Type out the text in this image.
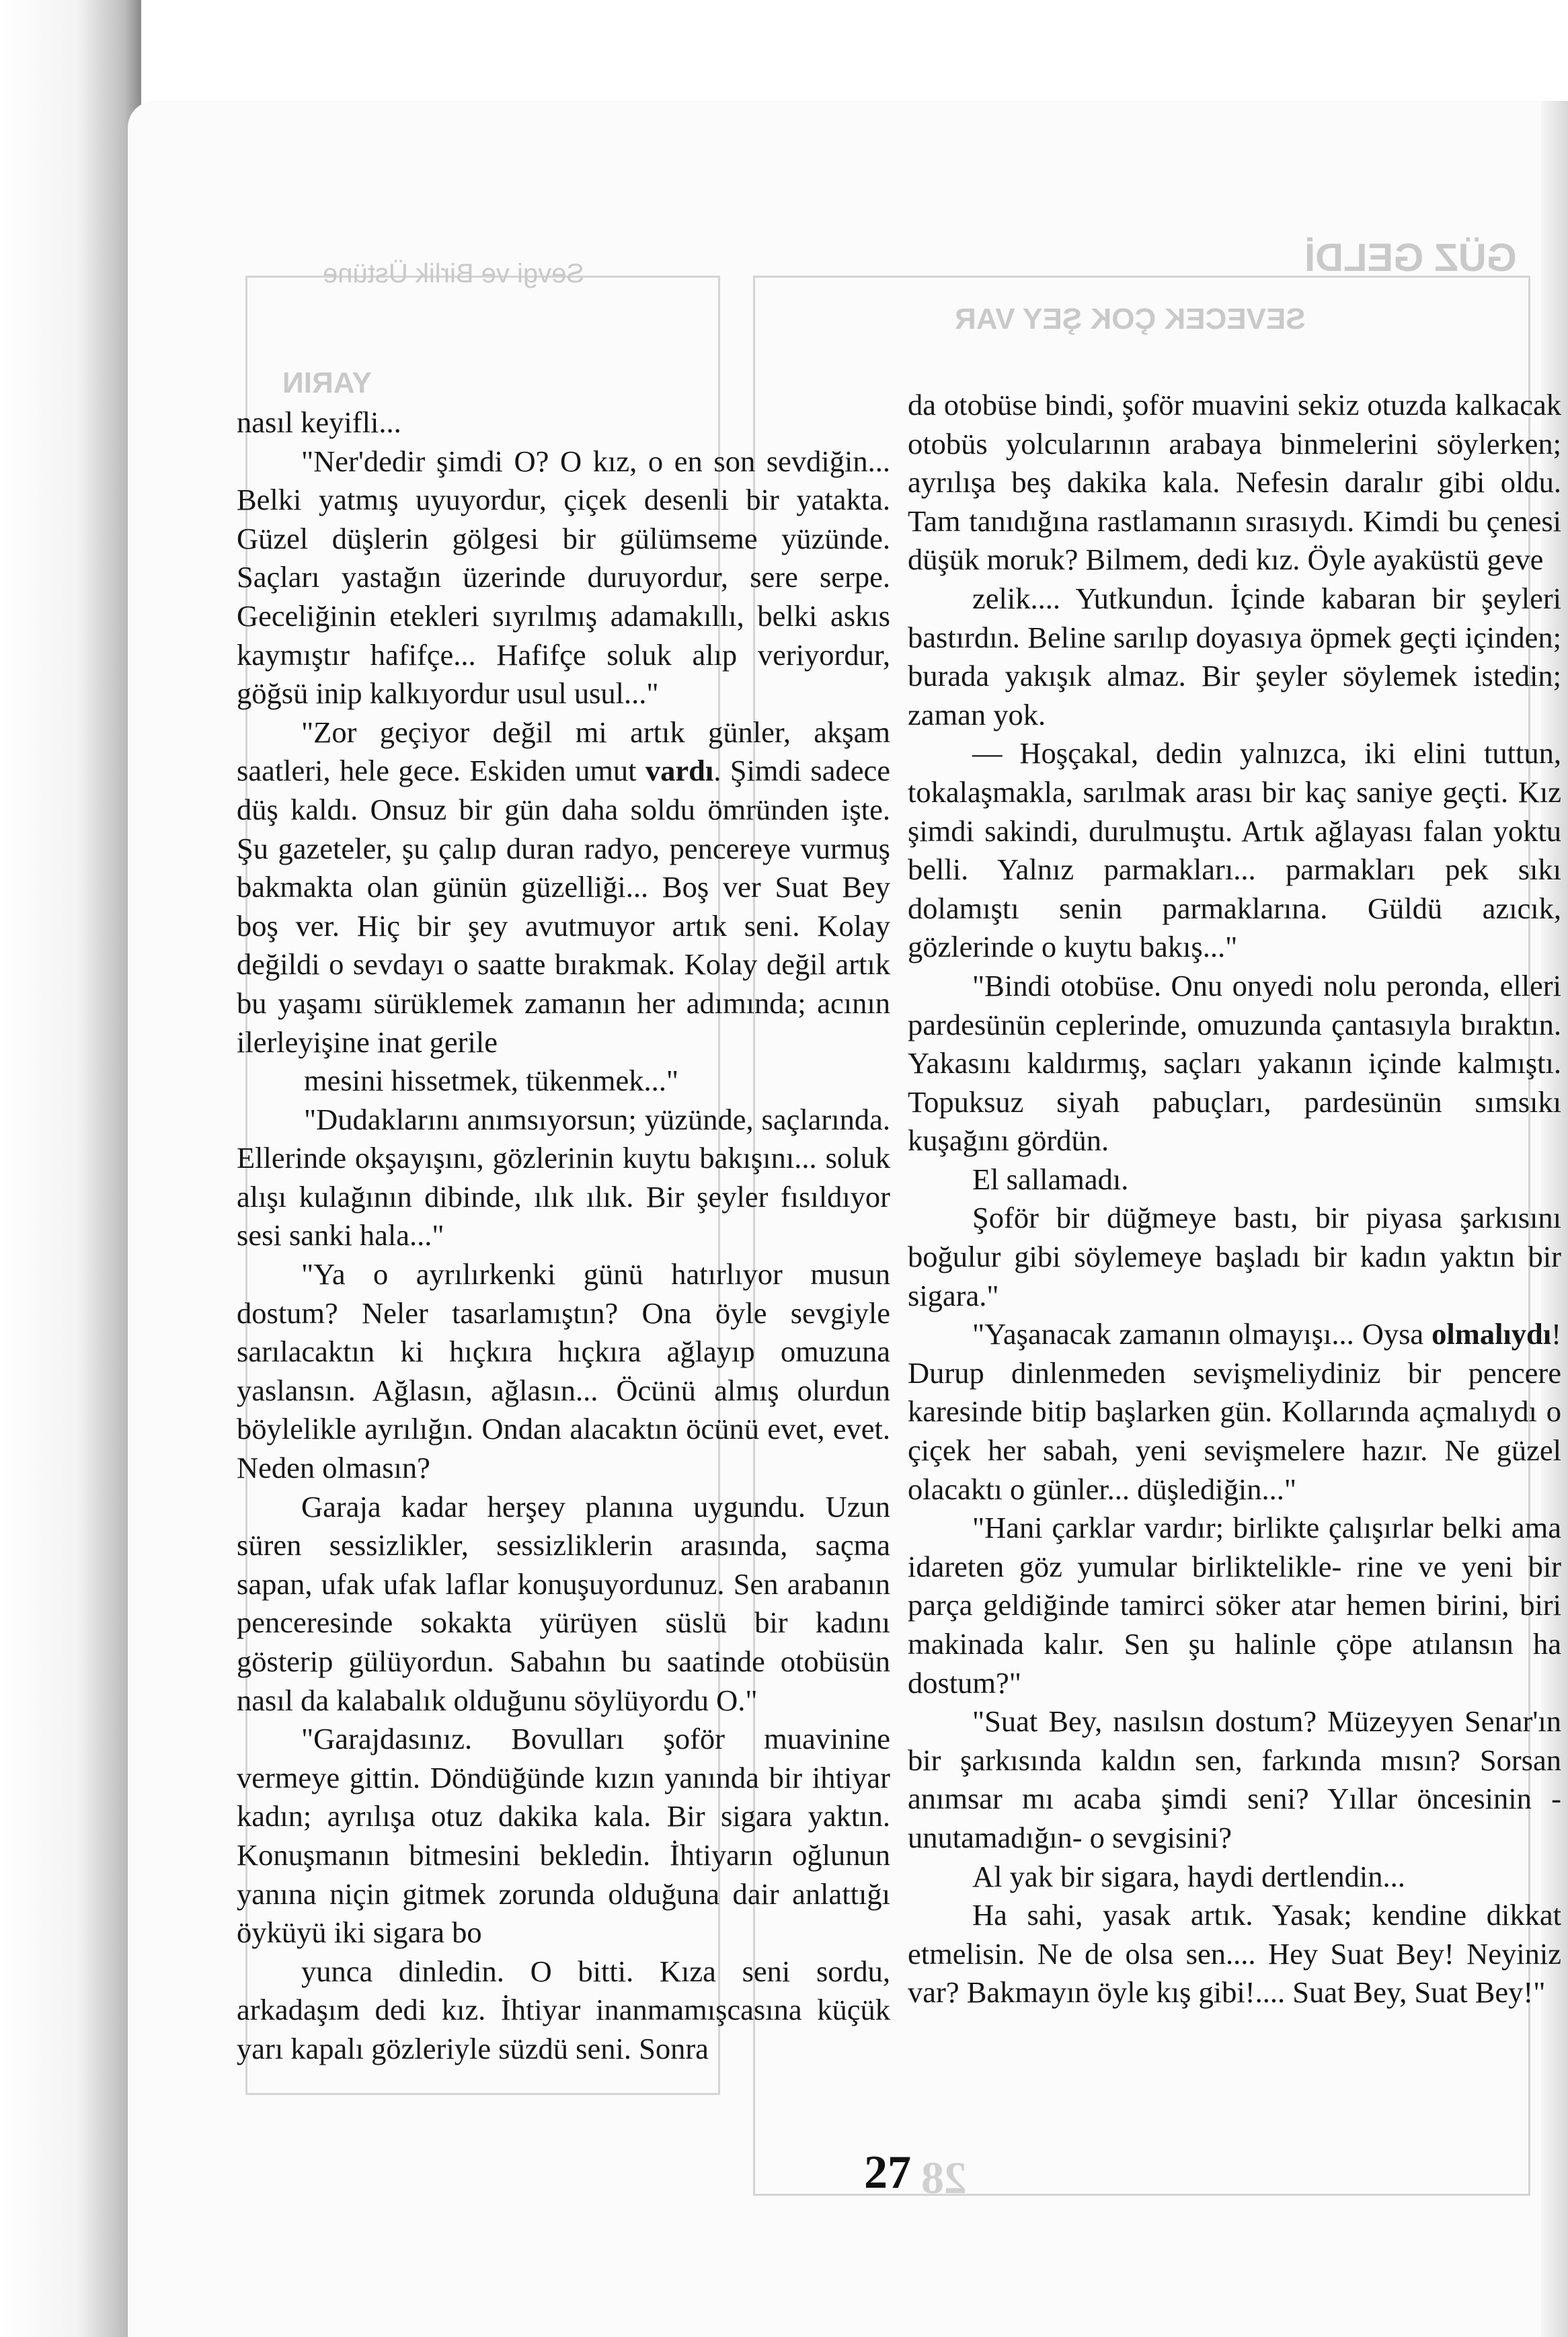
GÜZ GELDİ
Sevgi ve Birlik Üstüne
SEVECEK ÇOK ŞEY VAR
YARIN
28

nasıl keyifli...

"Ner'dedir şimdi O? O kız, o en son sevdiğin... Belki yatmış uyuyordur, çiçek desenli bir yatakta. Güzel düşlerin gölgesi bir gülümseme yüzünde. Saçları yastağın üzerinde duruyordur, sere serpe. Geceliğinin etekleri sıyrılmış adamakıllı, belki askıs kaymıştır hafifçe... Hafifçe soluk alıp veriyordur, göğsü inip kalkıyordur usul usul..."

"Zor geçiyor değil mi artık günler, akşam saatleri, hele gece. Eskiden umut vardı. Şimdi sadece düş kaldı. Onsuz bir gün daha soldu ömründen işte. Şu gazeteler, şu çalıp duran radyo, pencereye vurmuş bakmakta olan günün güzelliği... Boş ver Suat Bey boş ver. Hiç bir şey avutmuyor artık seni. Kolay değildi o sevdayı o saatte bırakmak. Kolay değil artık bu yaşamı sürüklemek zamanın her adımında; acının ilerleyişine inat gerile

mesini hissetmek, tükenmek..."

"Dudaklarını anımsıyorsun; yüzünde, saçlarında. Ellerinde okşayışını, gözlerinin kuytu bakışını... soluk alışı kulağının dibinde, ılık ılık. Bir şeyler fısıldıyor sesi sanki hala..."

"Ya o ayrılırkenki günü hatırlıyor musun dostum? Neler tasarlamıştın? Ona öyle sevgiyle sarılacaktın ki hıçkıra hıçkıra ağlayıp omuzuna yaslansın. Ağlasın, ağlasın... Öcünü almış olurdun böylelikle ayrılığın. Ondan alacaktın öcünü evet, evet. Neden olmasın?

Garaja kadar herşey planına uygundu. Uzun süren sessizlikler, sessizliklerin arasında, saçma sapan, ufak ufak laflar konuşuyordunuz. Sen arabanın penceresinde sokakta yürüyen süslü bir kadını gösterip gülüyordun. Sabahın bu saatinde otobüsün nasıl da kalabalık olduğunu söylüyordu O."

"Garajdasınız. Bovulları şoför muavinine vermeye gittin. Döndüğünde kızın yanında bir ihtiyar kadın; ayrılışa otuz dakika kala. Bir sigara yaktın. Konuşmanın bitmesini bekledin. İhtiyarın oğlunun yanına niçin gitmek zorunda olduğuna dair anlattığı öyküyü iki sigara bo

yunca dinledin. O bitti. Kıza seni sordu, arkadaşım dedi kız. İhtiyar inanmamışcasına küçük yarı kapalı gözleriyle süzdü seni. Sonra

da otobüse bindi, şoför muavini sekiz otuzda kalkacak otobüs yolcularının arabaya binmelerini söylerken; ayrılışa beş dakika kala. Nefesin daralır gibi oldu. Tam tanıdığına rastlamanın sırasıydı. Kimdi bu çenesi düşük moruk? Bilmem, dedi kız. Öyle ayaküstü geve

zelik.... Yutkundun. İçinde kabaran bir şeyleri bastırdın. Beline sarılıp doyasıya öpmek geçti içinden; burada yakışık almaz. Bir şeyler söylemek istedin; zaman yok.

— Hoşçakal, dedin yalnızca, iki elini tuttun, tokalaşmakla, sarılmak arası bir kaç saniye geçti. Kız şimdi sakindi, durulmuştu. Artık ağlayası falan yoktu belli. Yalnız parmakları... parmakları pek sıkı dolamıştı senin parmaklarına. Güldü azıcık, gözlerinde o kuytu bakış..."

"Bindi otobüse. Onu onyedi nolu peronda, elleri pardesünün ceplerinde, omuzunda çantasıyla bıraktın. Yakasını kaldırmış, saçları yakanın içinde kalmıştı. Topuksuz siyah pabuçları, pardesünün sımsıkı kuşağını gördün.

El sallamadı.

Şoför bir düğmeye bastı, bir piyasa şarkısını boğulur gibi söylemeye başladı bir kadın yaktın bir sigara."

"Yaşanacak zamanın olmayışı... Oysa olmalıydı! Durup dinlenmeden sevişmeliydiniz bir pencere karesinde bitip başlarken gün. Kollarında açmalıydı o çiçek her sabah, yeni sevişmelere hazır. Ne güzel olacaktı o günler... düşlediğin..."

"Hani çarklar vardır; birlikte çalışırlar belki ama idareten göz yumular birliktelikle- rine ve yeni bir parça geldiğinde tamirci söker atar hemen birini, biri makinada kalır. Sen şu halinle çöpe atılansın ha dostum?"

"Suat Bey, nasılsın dostum? Müzeyyen Senar'ın bir şarkısında kaldın sen, farkında mısın? Sorsan anımsar mı acaba şimdi seni? Yıllar öncesinin - unutamadığın- o sevgisini?

Al yak bir sigara, haydi dertlendin...

Ha sahi, yasak artık. Yasak; kendine dikkat etmelisin. Ne de olsa sen.... Hey Suat Bey! Neyiniz var? Bakmayın öyle kış gibi!.... Suat Bey, Suat Bey!"

27
